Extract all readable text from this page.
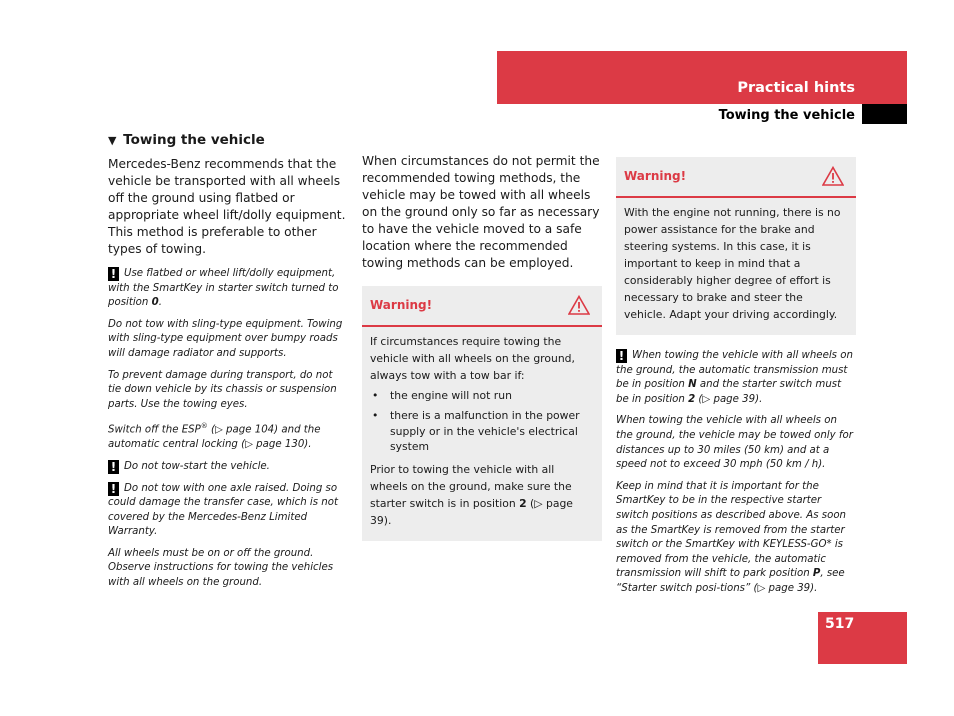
Practical hints
Towing the vehicle
▼ Towing the vehicle

Mercedes-Benz recommends that the vehicle be transported with all wheels off the ground using flatbed or appropriate wheel lift/dolly equipment. This method is preferable to other types of towing.

! Use flatbed or wheel lift/dolly equipment, with the SmartKey in starter switch turned to position 0.

Do not tow with sling-type equipment. Towing with sling-type equipment over bumpy roads will damage radiator and supports.

To prevent damage during transport, do not tie down vehicle by its chassis or suspension parts. Use the towing eyes.

Switch off the ESP® (▷ page 104) and the automatic central locking (▷ page 130).

! Do not tow-start the vehicle.

! Do not tow with one axle raised. Doing so could damage the transfer case, which is not covered by the Mercedes-Benz Limited Warranty.

All wheels must be on or off the ground. Observe instructions for towing the vehicles with all wheels on the ground.

When circumstances do not permit the recommended towing methods, the vehicle may be towed with all wheels on the ground only so far as necessary to have the vehicle moved to a safe location where the recommended towing methods can be employed.

Warning!

If circumstances require towing the vehicle with all wheels on the ground, always tow with a tow bar if:

• the engine will not run
• there is a malfunction in the power supply or in the vehicle's electrical system

Prior to towing the vehicle with all wheels on the ground, make sure the starter switch is in position 2 (▷ page 39).

Warning!

With the engine not running, there is no power assistance for the brake and steering systems. In this case, it is important to keep in mind that a considerably higher degree of effort is necessary to brake and steer the vehicle. Adapt your driving accordingly.

! When towing the vehicle with all wheels on the ground, the automatic transmission must be in position N and the starter switch must be in position 2 (▷ page 39).

When towing the vehicle with all wheels on the ground, the vehicle may be towed only for distances up to 30 miles (50 km) and at a speed not to exceed 30 mph (50 km / h).

Keep in mind that it is important for the SmartKey to be in the respective starter switch positions as described above. As soon as the SmartKey is removed from the starter switch or the SmartKey with KEYLESS-GO* is removed from the vehicle, the automatic transmission will shift to park position P, see “Starter switch posi-tions” (▷ page 39).

517
